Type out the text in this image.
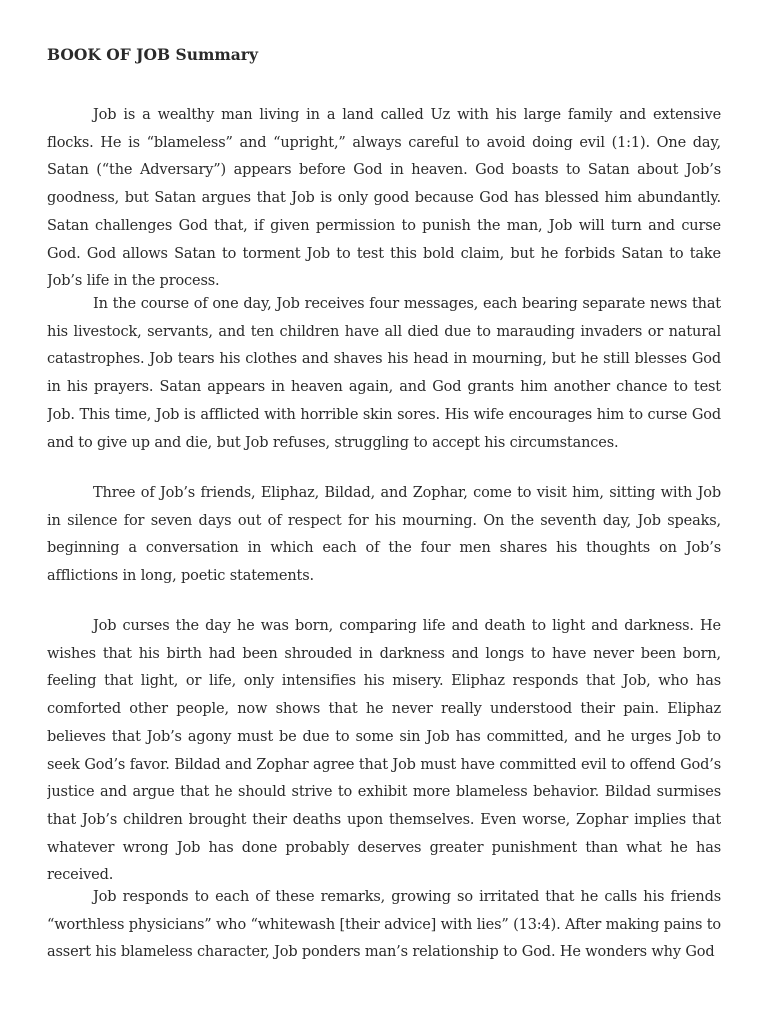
BOOK OF JOB Summary

Job is a wealthy man living in a land called Uz with his large family and extensive flocks. He is “blameless” and “upright,” always careful to avoid doing evil (1:1). One day, Satan (“the Adversary”) appears before God in heaven. God boasts to Satan about Job’s goodness, but Satan argues that Job is only good because God has blessed him abundantly. Satan challenges God that, if given permission to punish the man, Job will turn and curse God. God allows Satan to torment Job to test this bold claim, but he forbids Satan to take Job’s life in the process.

In the course of one day, Job receives four messages, each bearing separate news that his livestock, servants, and ten children have all died due to marauding invaders or natural catastrophes. Job tears his clothes and shaves his head in mourning, but he still blesses God in his prayers. Satan appears in heaven again, and God grants him another chance to test Job. This time, Job is afflicted with horrible skin sores. His wife encourages him to curse God and to give up and die, but Job refuses, struggling to accept his circumstances.

Three of Job’s friends, Eliphaz, Bildad, and Zophar, come to visit him, sitting with Job in silence for seven days out of respect for his mourning. On the seventh day, Job speaks, beginning a conversation in which each of the four men shares his thoughts on Job’s afflictions in long, poetic statements.

Job curses the day he was born, comparing life and death to light and darkness. He wishes that his birth had been shrouded in darkness and longs to have never been born, feeling that light, or life, only intensifies his misery. Eliphaz responds that Job, who has comforted other people, now shows that he never really understood their pain. Eliphaz believes that Job’s agony must be due to some sin Job has committed, and he urges Job to seek God’s favor. Bildad and Zophar agree that Job must have committed evil to offend God’s justice and argue that he should strive to exhibit more blameless behavior. Bildad surmises that Job’s children brought their deaths upon themselves. Even worse, Zophar implies that whatever wrong Job has done probably deserves greater punishment than what he has received.

Job responds to each of these remarks, growing so irritated that he calls his friends “worthless physicians” who “whitewash [their advice] with lies” (13:4). After making pains to assert his blameless character, Job ponders man’s relationship to God. He wonders why God
